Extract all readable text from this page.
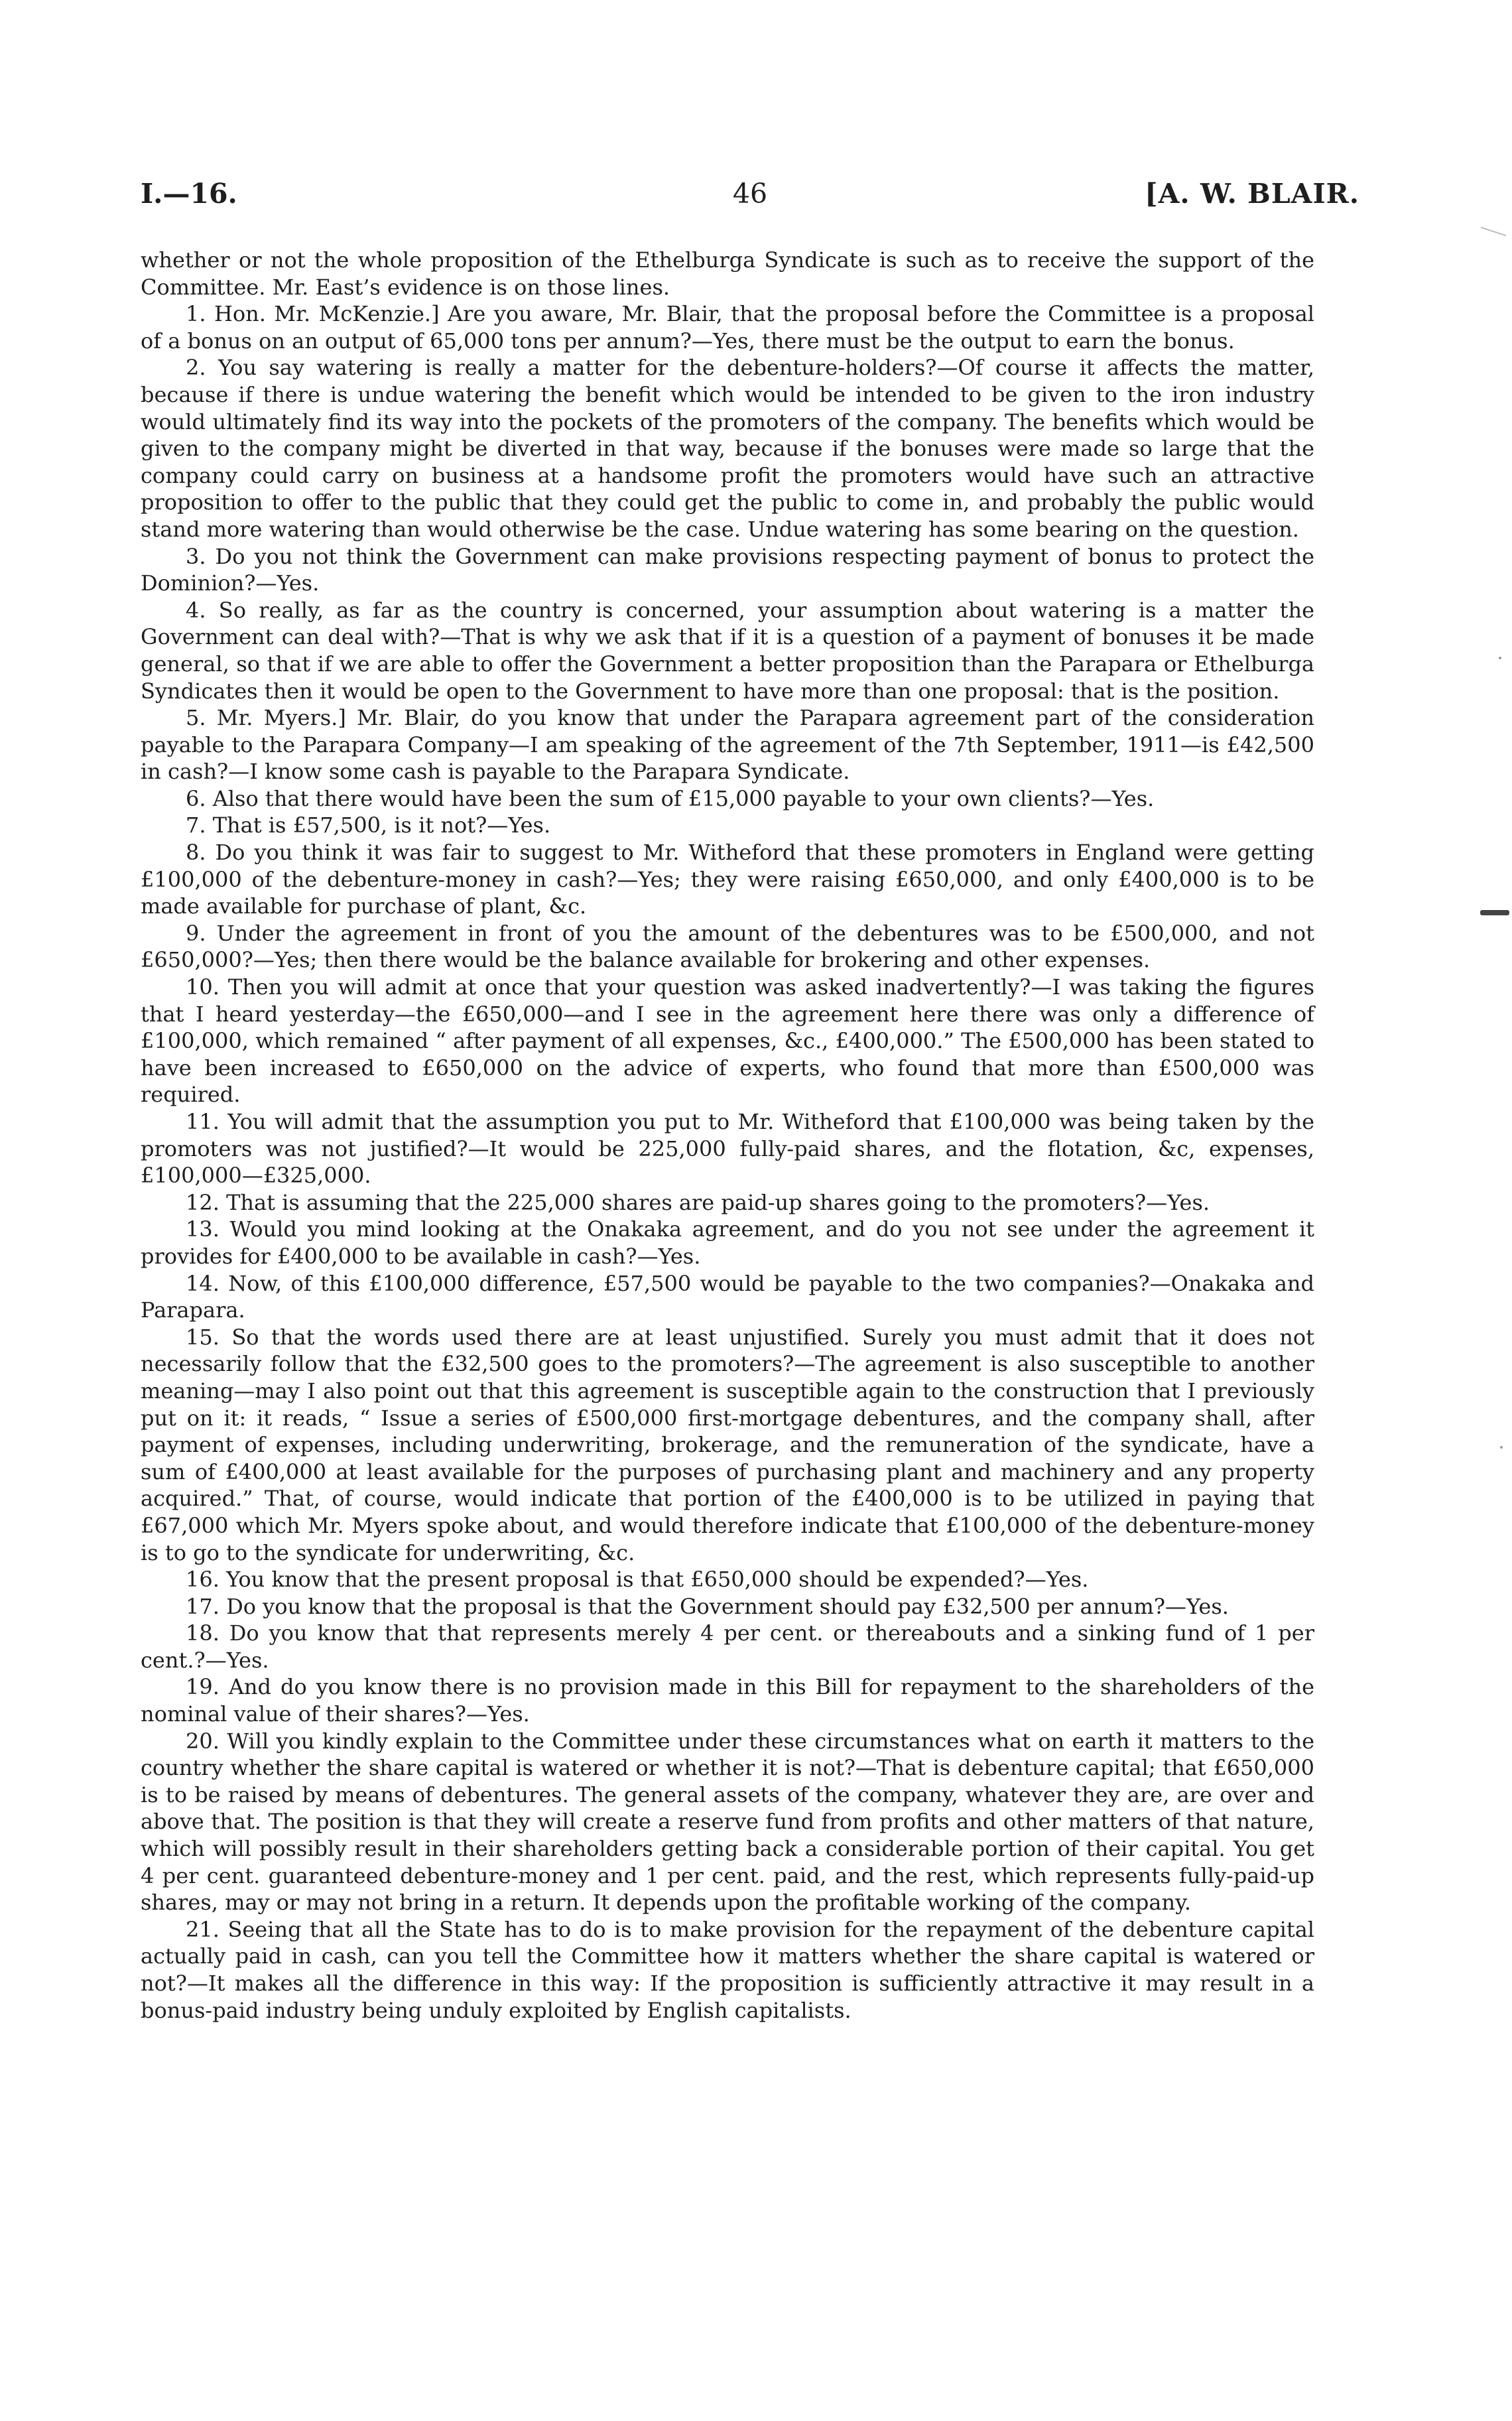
I.—16.	46	[A. W. BLAIR.

whether or not the whole proposition of the Ethelburga Syndicate is such as to receive the support of the Committee. Mr. East’s evidence is on those lines.

1. Hon. Mr. McKenzie.] Are you aware, Mr. Blair, that the proposal before the Committee is a proposal of a bonus on an output of 65,000 tons per annum?—Yes, there must be the output to earn the bonus.

2. You say watering is really a matter for the debenture-holders?—Of course it affects the matter, because if there is undue watering the benefit which would be intended to be given to the iron industry would ultimately find its way into the pockets of the promoters of the company. The benefits which would be given to the company might be diverted in that way, because if the bonuses were made so large that the company could carry on business at a handsome profit the promoters would have such an attractive proposition to offer to the public that they could get the public to come in, and probably the public would stand more watering than would otherwise be the case. Undue watering has some bearing on the question.

3. Do you not think the Government can make provisions respecting payment of bonus to protect the Dominion?—Yes.

4. So really, as far as the country is concerned, your assumption about watering is a matter the Government can deal with?—That is why we ask that if it is a question of a payment of bonuses it be made general, so that if we are able to offer the Government a better proposition than the Parapara or Ethelburga Syndicates then it would be open to the Government to have more than one proposal: that is the position.

5. Mr. Myers.] Mr. Blair, do you know that under the Parapara agreement part of the consideration payable to the Parapara Company—I am speaking of the agreement of the 7th September, 1911—is £42,500 in cash?—I know some cash is payable to the Parapara Syndicate.

6. Also that there would have been the sum of £15,000 payable to your own clients?—Yes.

7. That is £57,500, is it not?—Yes.

8. Do you think it was fair to suggest to Mr. Witheford that these promoters in England were getting £100,000 of the debenture-money in cash?—Yes; they were raising £650,000, and only £400,000 is to be made available for purchase of plant, &c.

9. Under the agreement in front of you the amount of the debentures was to be £500,000, and not £650,000?—Yes; then there would be the balance available for brokering and other expenses.

10. Then you will admit at once that your question was asked inadvertently?—I was taking the figures that I heard yesterday—the £650,000—and I see in the agreement here there was only a difference of £100,000, which remained “ after payment of all expenses, &c., £400,000.” The £500,000 has been stated to have been increased to £650,000 on the advice of experts, who found that more than £500,000 was required.

11. You will admit that the assumption you put to Mr. Witheford that £100,000 was being taken by the promoters was not justified?—It would be 225,000 fully-paid shares, and the flotation, &c, expenses, £100,000—£325,000.

12. That is assuming that the 225,000 shares are paid-up shares going to the promoters?—Yes.

13. Would you mind looking at the Onakaka agreement, and do you not see under the agreement it provides for £400,000 to be available in cash?—Yes.

14. Now, of this £100,000 difference, £57,500 would be payable to the two companies?—Onakaka and Parapara.

15. So that the words used there are at least unjustified. Surely you must admit that it does not necessarily follow that the £32,500 goes to the promoters?—The agreement is also susceptible to another meaning—may I also point out that this agreement is susceptible again to the construction that I previously put on it: it reads, “ Issue a series of £500,000 first-mortgage debentures, and the company shall, after payment of expenses, including underwriting, brokerage, and the remuneration of the syndicate, have a sum of £400,000 at least available for the purposes of purchasing plant and machinery and any property acquired.” That, of course, would indicate that portion of the £400,000 is to be utilized in paying that £67,000 which Mr. Myers spoke about, and would therefore indicate that £100,000 of the debenture-money is to go to the syndicate for underwriting, &c.

16. You know that the present proposal is that £650,000 should be expended?—Yes.

17. Do you know that the proposal is that the Government should pay £32,500 per annum?—Yes.

18. Do you know that that represents merely 4 per cent. or thereabouts and a sinking fund of 1 per cent.?—Yes.

19. And do you know there is no provision made in this Bill for repayment to the shareholders of the nominal value of their shares?—Yes.

20. Will you kindly explain to the Committee under these circumstances what on earth it matters to the country whether the share capital is watered or whether it is not?—That is debenture capital; that £650,000 is to be raised by means of debentures. The general assets of the company, whatever they are, are over and above that. The position is that they will create a reserve fund from profits and other matters of that nature, which will possibly result in their shareholders getting back a considerable portion of their capital. You get 4 per cent. guaranteed debenture-money and 1 per cent. paid, and the rest, which represents fully-paid-up shares, may or may not bring in a return. It depends upon the profitable working of the company.

21. Seeing that all the State has to do is to make provision for the repayment of the debenture capital actually paid in cash, can you tell the Committee how it matters whether the share capital is watered or not?—It makes all the difference in this way: If the proposition is sufficiently attractive it may result in a bonus-paid industry being unduly exploited by English capitalists.
